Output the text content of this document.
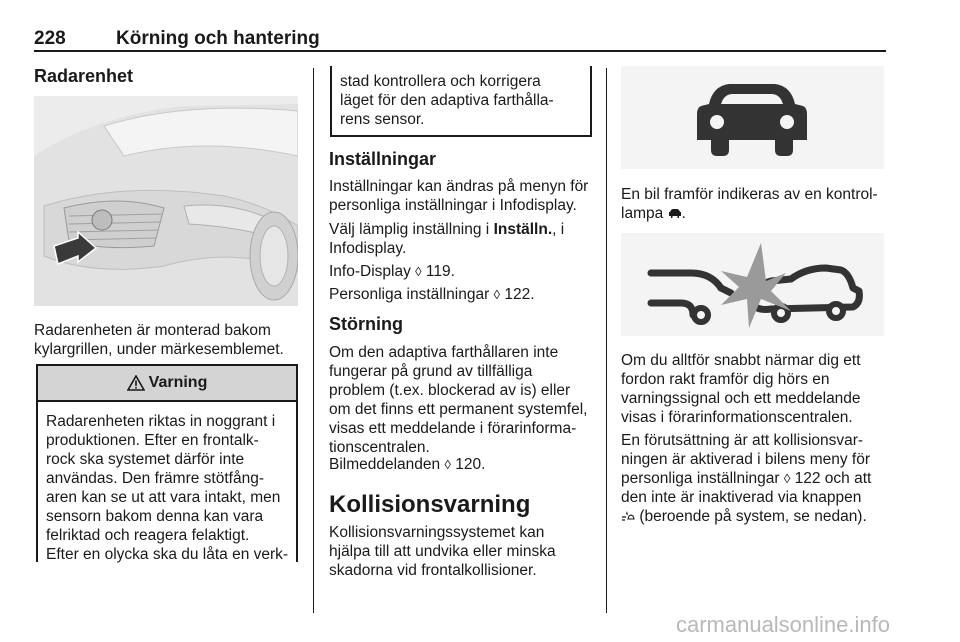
228	Körning och hantering
Radarenhet
Radarenheten är monterad bakom kylargrillen, under märkesemblemet.
Varning
Radarenheten riktas in noggrant i
produktionen. Efter en frontalk-
rock ska systemet därför inte
användas. Den främre stötfång-
aren kan se ut att vara intakt, men
sensorn bakom denna kan vara
felriktad och reagera felaktigt.
Efter en olycka ska du låta en verk-
stad kontrollera och korrigera
läget för den adaptiva farthålla-
rens sensor.
Inställningar
Inställningar kan ändras på menyn för
personliga inställningar i Infodisplay.
Välj lämplig inställning i Inställn., i
Infodisplay.
Info-Display ◊ 119.
Personliga inställningar ◊ 122.
Störning
Om den adaptiva farthållaren inte
fungerar på grund av tillfälliga
problem (t.ex. blockerad av is) eller
om det finns ett permanent systemfel,
visas ett meddelande i förarinforma-
tionscentralen.
Bilmeddelanden ◊ 120.
Kollisionsvarning
Kollisionsvarningssystemet kan
hjälpa till att undvika eller minska
skadorna vid frontalkollisioner.
En bil framför indikeras av en kontrol-
lampa .
Om du alltför snabbt närmar dig ett
fordon rakt framför dig hörs en
varningssignal och ett meddelande
visas i förarinformationscentralen.
En förutsättning är att kollisionsvar-
ningen är aktiverad i bilens meny för
personliga inställningar ◊ 122 och att
den inte är inaktiverad via knappen
(beroende på system, se nedan).
carmanualsonline.info
